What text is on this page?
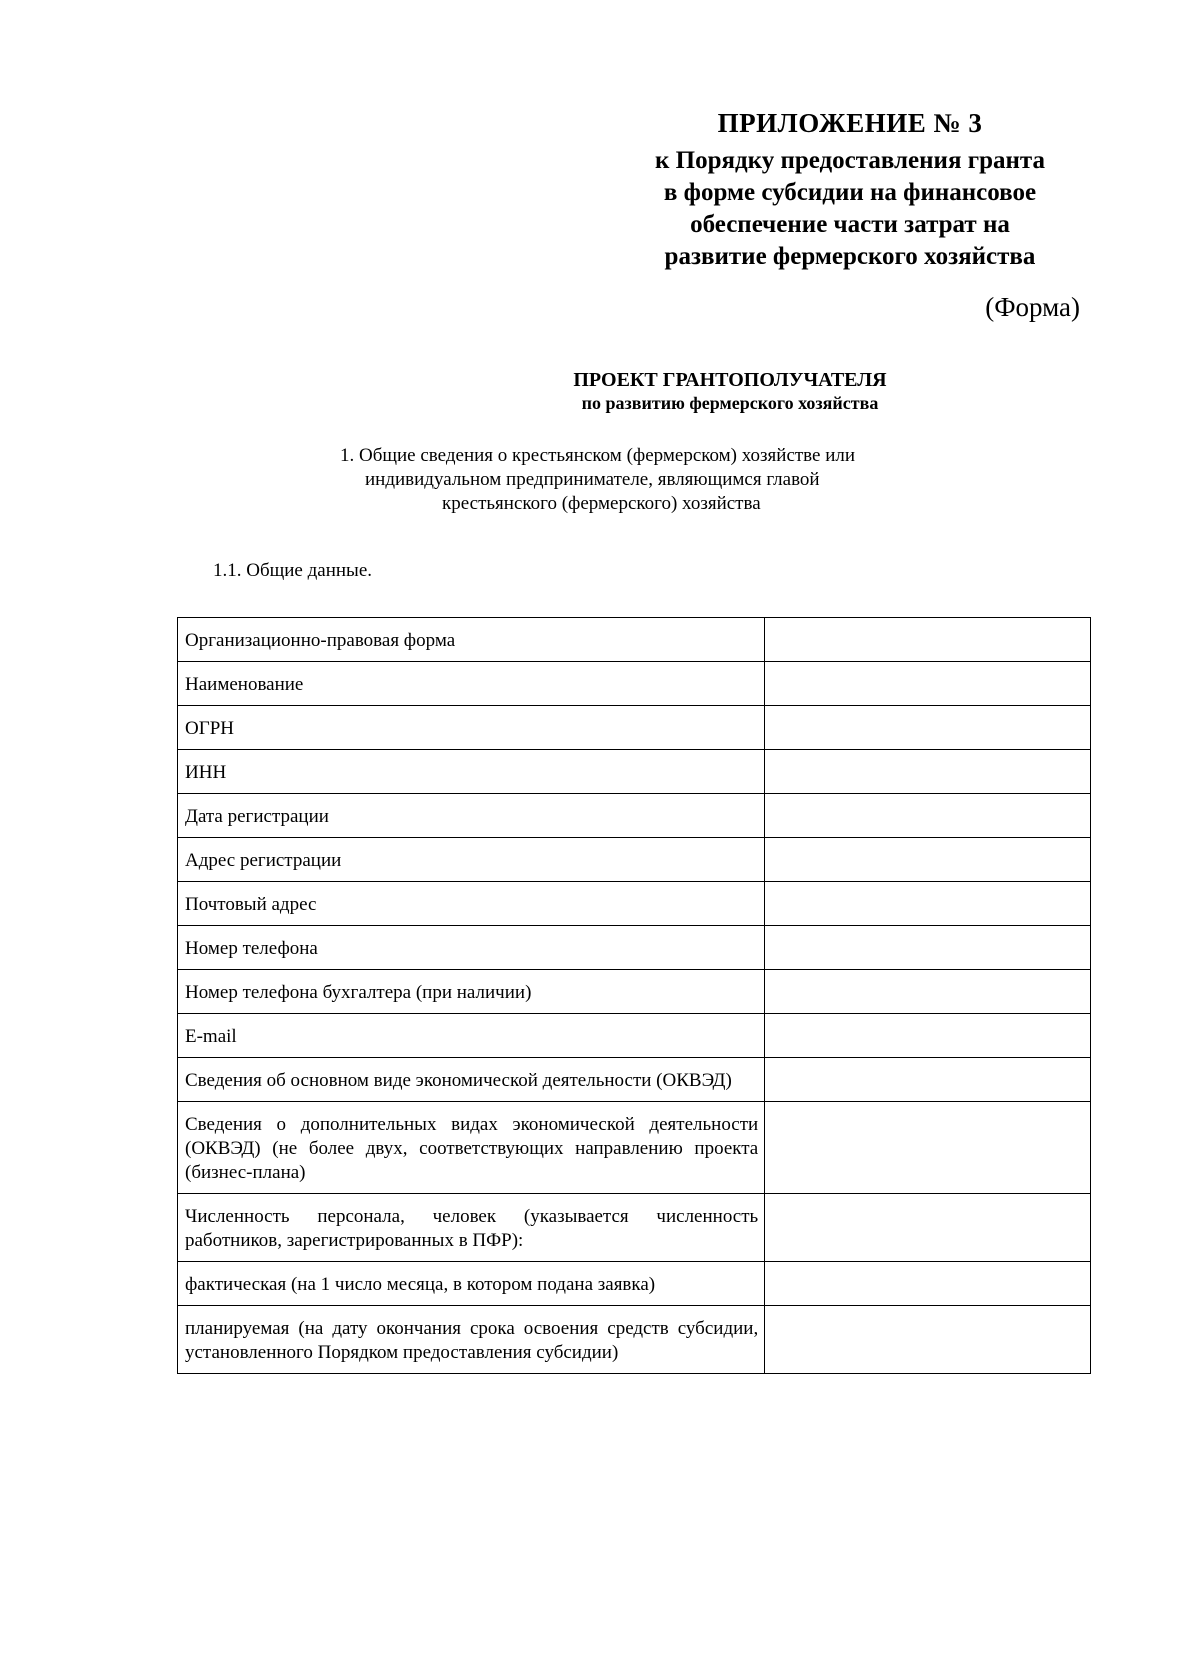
ПРИЛОЖЕНИЕ № 3
к Порядку предоставления гранта
в форме субсидии на финансовое
обеспечение части затрат на
развитие фермерского хозяйства
(Форма)
ПРОЕКТ ГРАНТОПОЛУЧАТЕЛЯ
по развитию фермерского хозяйства
1. Общие сведения о крестьянском (фермерском) хозяйстве или
индивидуальном предпринимателе, являющимся главой
крестьянского (фермерского) хозяйства
1.1. Общие данные.
Организационно-правовая форма	
Наименование	
ОГРН	
ИНН	
Дата регистрации	
Адрес регистрации	
Почтовый адрес	
Номер телефона	
Номер телефона бухгалтера (при наличии)	
E-mail	
Сведения об основном виде экономической деятельности (ОКВЭД)	
Сведения о дополнительных видах экономической деятельности (ОКВЭД) (не более двух, соответствующих направлению проекта (бизнес-плана)	
Численность персонала, человек (указывается численность работников, зарегистрированных в ПФР):	
фактическая (на 1 число месяца, в котором подана заявка)	
планируемая (на дату окончания срока освоения средств субсидии, установленного Порядком предоставления субсидии)	
